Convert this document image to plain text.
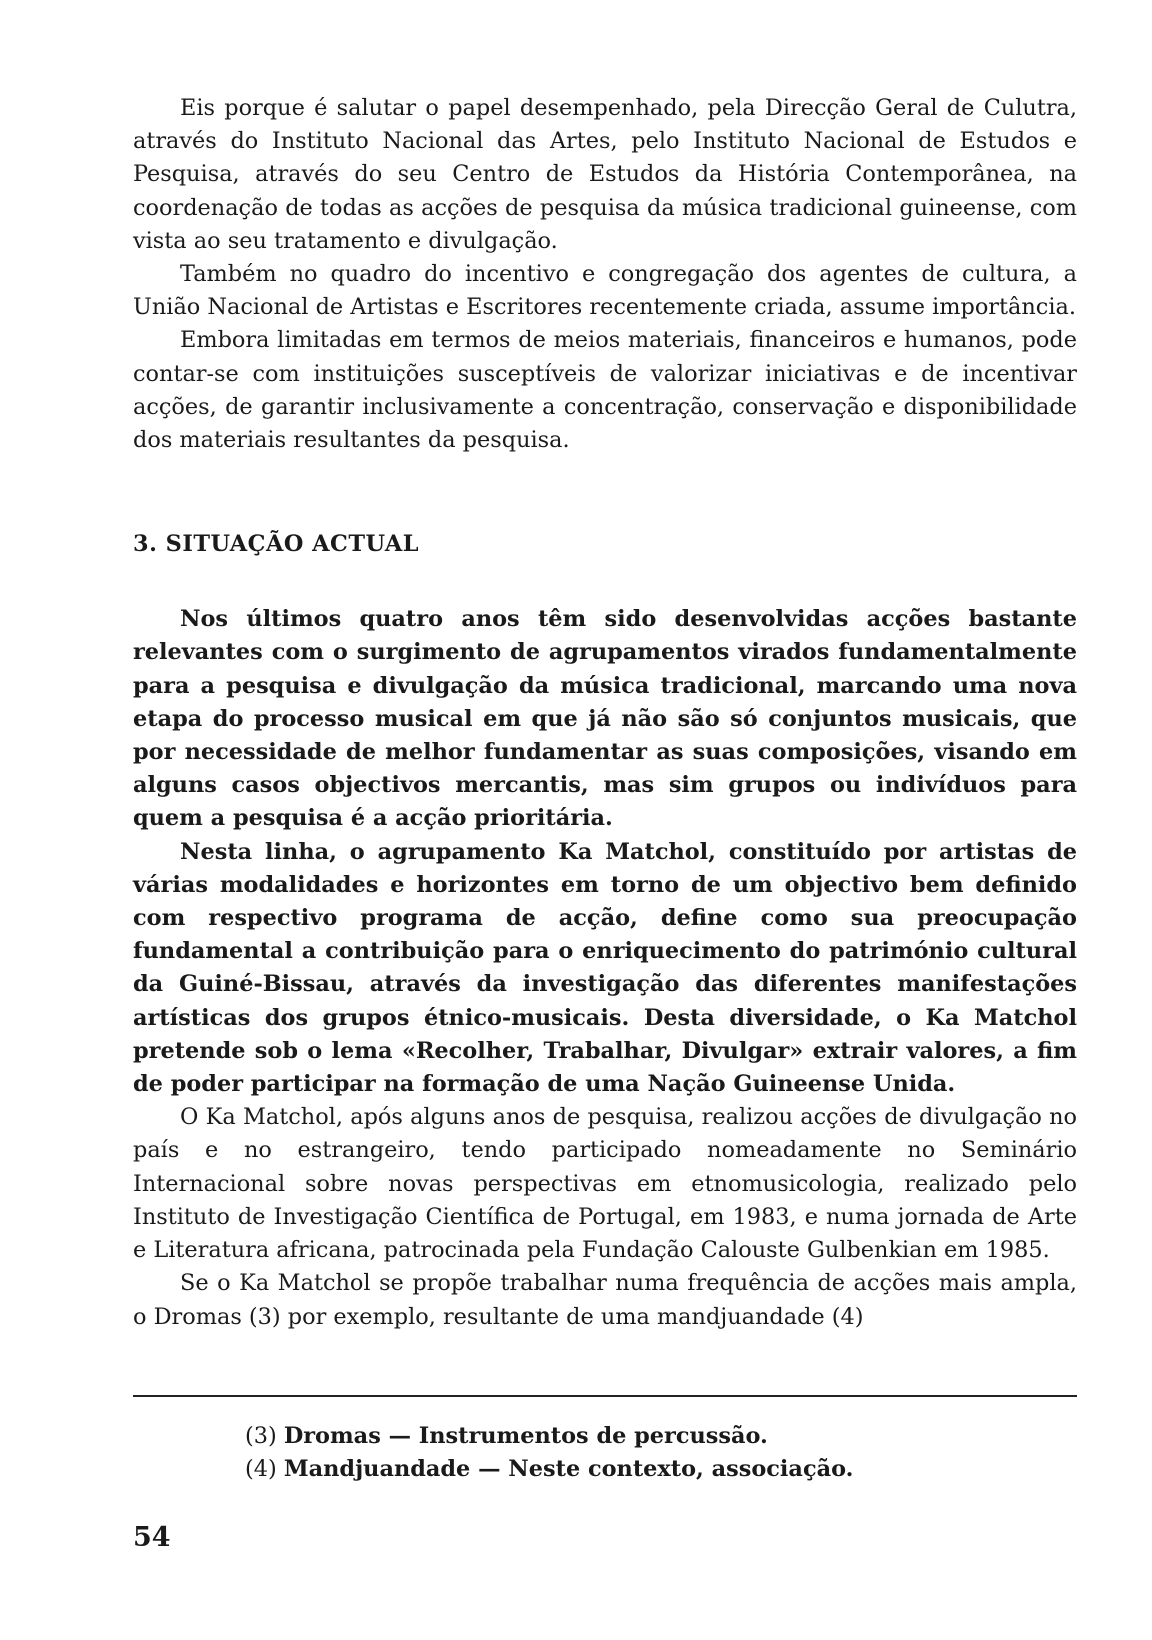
Eis porque é salutar o papel desempenhado, pela Direcção Geral de Culutra, através do Instituto Nacional das Artes, pelo Instituto Nacional de Estudos e Pesquisa, através do seu Centro de Estudos da História Contemporânea, na coordenação de todas as acções de pesquisa da música tradicional guineense, com vista ao seu tratamento e divulgação.

Também no quadro do incentivo e congregação dos agentes de cultura, a União Nacional de Artistas e Escritores recentemente criada, assume importância.

Embora limitadas em termos de meios materiais, financeiros e humanos, pode contar-se com instituições susceptíveis de valorizar iniciativas e de incentivar acções, de garantir inclusivamente a concentração, conservação e disponibilidade dos materiais resultantes da pesquisa.

3. SITUAÇÃO ACTUAL

Nos últimos quatro anos têm sido desenvolvidas acções bastante relevantes com o surgimento de agrupamentos virados fundamentalmente para a pesquisa e divulgação da música tradicional, marcando uma nova etapa do processo musical em que já não são só conjuntos musicais, que por necessidade de melhor fundamentar as suas composições, visando em alguns casos objectivos mercantis, mas sim grupos ou indivíduos para quem a pesquisa é a acção prioritária.

Nesta linha, o agrupamento Ka Matchol, constituído por artistas de várias modalidades e horizontes em torno de um objectivo bem definido com respectivo programa de acção, define como sua preocupação fundamental a contribuição para o enriquecimento do património cultural da Guiné-Bissau, através da investigação das diferentes manifestações artísticas dos grupos étnico-musicais. Desta diversidade, o Ka Matchol pretende sob o lema «Recolher, Trabalhar, Divulgar» extrair valores, a fim de poder participar na formação de uma Nação Guineense Unida.

O Ka Matchol, após alguns anos de pesquisa, realizou acções de divulgação no país e no estrangeiro, tendo participado nomeadamente no Seminário Internacional sobre novas perspectivas em etnomusicologia, realizado pelo Instituto de Investigação Científica de Portugal, em 1983, e numa jornada de Arte e Literatura africana, patrocinada pela Fundação Calouste Gulbenkian em 1985.

Se o Ka Matchol se propõe trabalhar numa frequência de acções mais ampla, o Dromas (3) por exemplo, resultante de uma mandjuandade (4)

(3) Dromas — Instrumentos de percussão.

(4) Mandjuandade — Neste contexto, associação.

54
